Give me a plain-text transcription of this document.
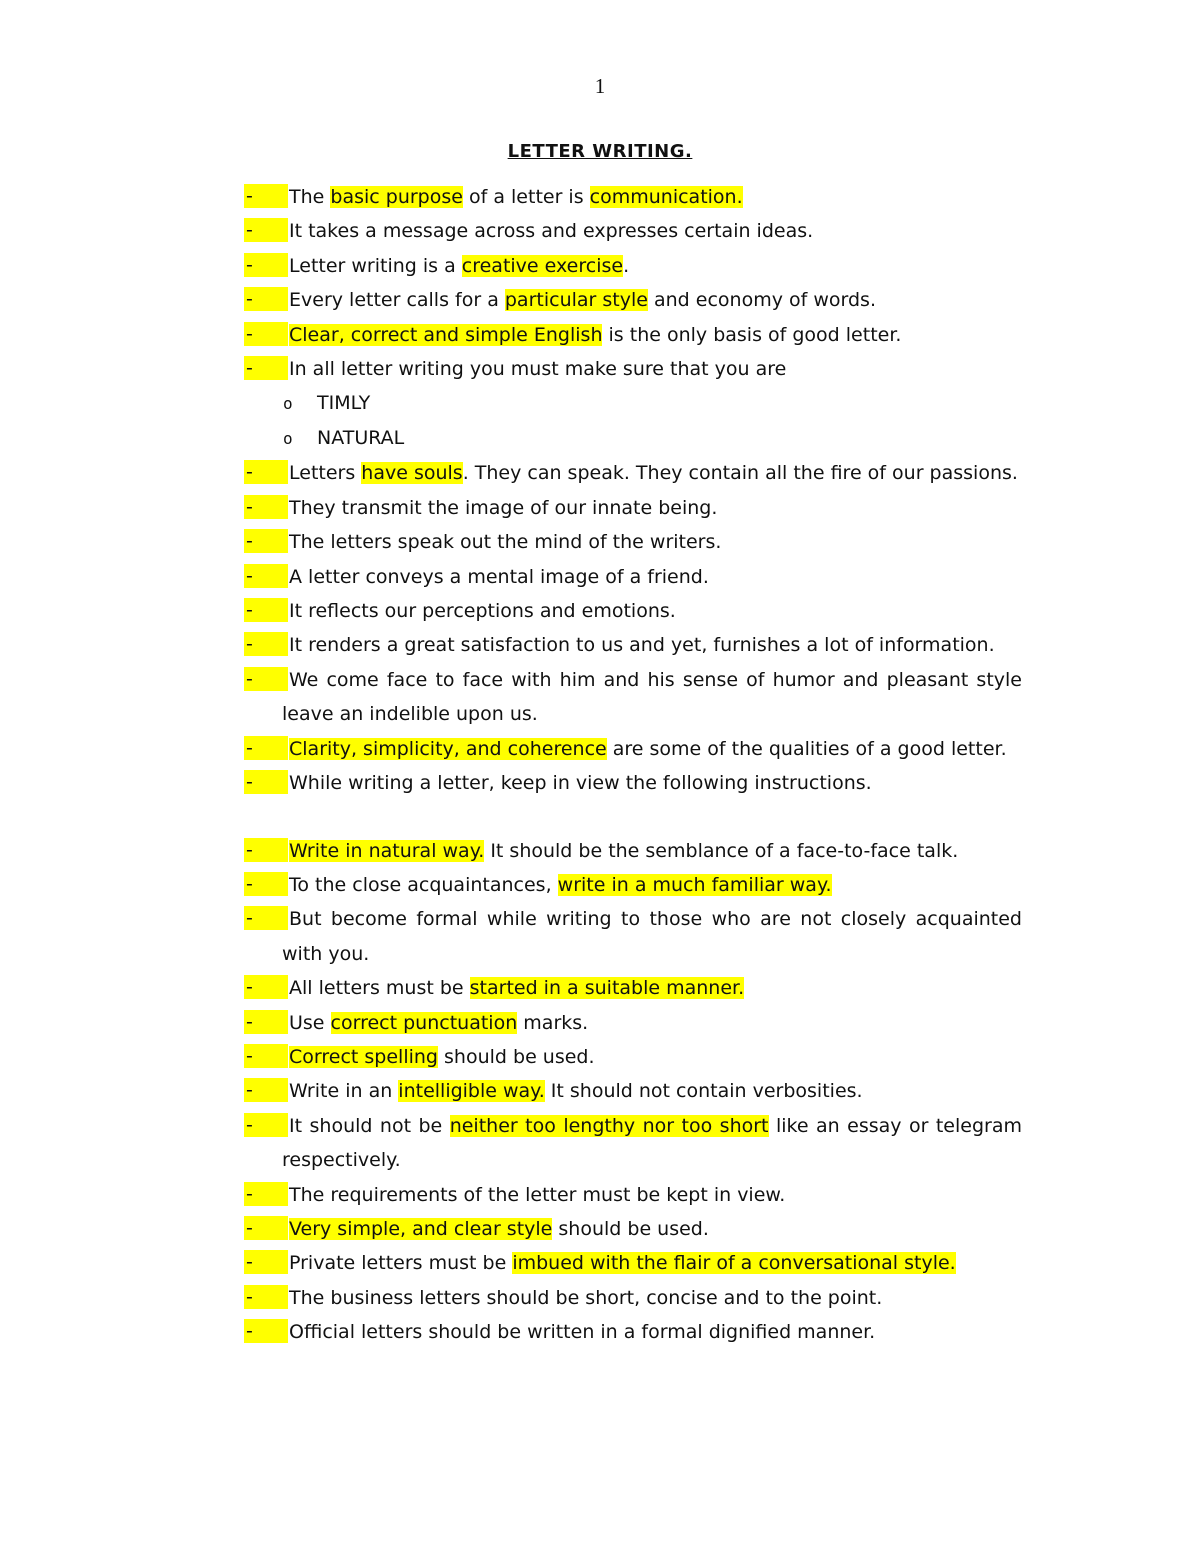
1
LETTER WRITING.
-	The basic purpose of a letter is communication.

-	It takes a message across and expresses certain ideas.

-	Letter writing is a creative exercise.

-	Every letter calls for a particular style and economy of words.

-	Clear, correct and simple English is the only basis of good letter.

-	In all letter writing you must make sure that you are

o TIMLY
o NATURAL
-	Letters have souls. They can speak. They contain all the fire of our passions.

-	They transmit the image of our innate being.

-	The letters speak out the mind of the writers.

-	A letter conveys a mental image of a friend.

-	It reflects our perceptions and emotions.

-	It renders a great satisfaction to us and yet, furnishes a lot of information.

-	We come face to face with him and his sense of humor and pleasant style leave an indelible upon us.

-	Clarity, simplicity, and coherence are some of the qualities of a good letter.

-	While writing a letter, keep in view the following instructions.

-	Write in natural way. It should be the semblance of a face-to-face talk.

-	To the close acquaintances, write in a much familiar way.

-	But become formal while writing to those who are not closely acquainted with you.

-	All letters must be started in a suitable manner.

-	Use correct punctuation marks.

-	Correct spelling should be used.

-	Write in an intelligible way. It should not contain verbosities.

-	It should not be neither too lengthy nor too short like an essay or telegram respectively.

-	The requirements of the letter must be kept in view.

-	Very simple, and clear style should be used.

-	Private letters must be imbued with the flair of a conversational style.

-	The business letters should be short, concise and to the point.

-	Official letters should be written in a formal dignified manner.
